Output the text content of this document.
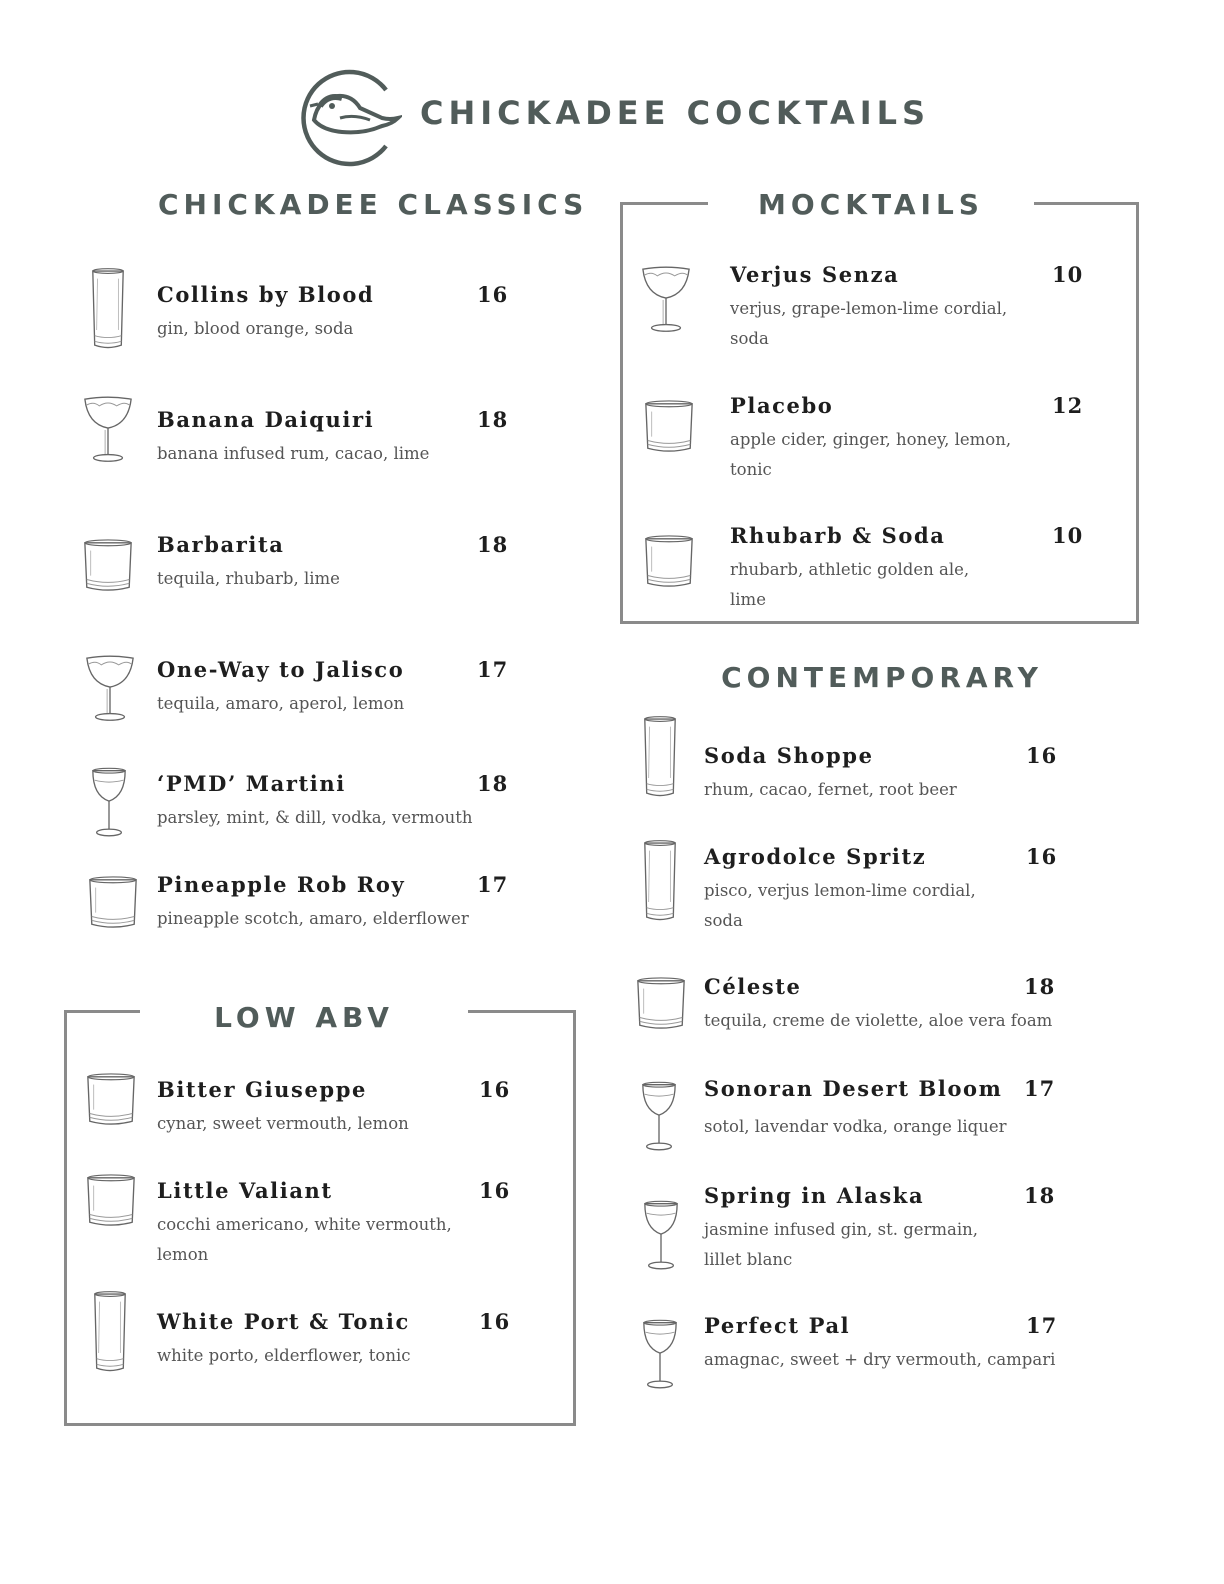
CHICKADEE COCKTAILS
CHICKADEE CLASSICS	MOCKTAILS
CONTEMPORARY
LOW ABV
Collins by Blood	16
gin, blood orange, soda
Banana Daiquiri	18
banana infused rum, cacao, lime
Barbarita	18
tequila, rhubarb, lime
One-Way to Jalisco	17
tequila, amaro, aperol, lemon
‘PMD’ Martini	18
parsley, mint, & dill, vodka, vermouth
Pineapple Rob Roy	17
pineapple scotch, amaro, elderflower
Bitter Giuseppe	16
cynar, sweet vermouth, lemon
Little Valiant	16
cocchi americano, white vermouth, lemon
White Port & Tonic	16
white porto, elderflower, tonic
Verjus Senza	10
verjus, grape-lemon-lime cordial, soda
Placebo	12
apple cider, ginger, honey, lemon, tonic
Rhubarb & Soda	10
rhubarb, athletic golden ale, lime
Soda Shoppe	16
rhum, cacao, fernet, root beer
Agrodolce Spritz	16
pisco, verjus lemon-lime cordial, soda
Céleste	18
tequila, creme de violette, aloe vera foam
Sonoran Desert Bloom 17
sotol, lavendar vodka, orange liquer
Spring in Alaska	18
jasmine infused gin, st. germain, lillet blanc
Perfect Pal	17
amagnac, sweet + dry vermouth, campari
